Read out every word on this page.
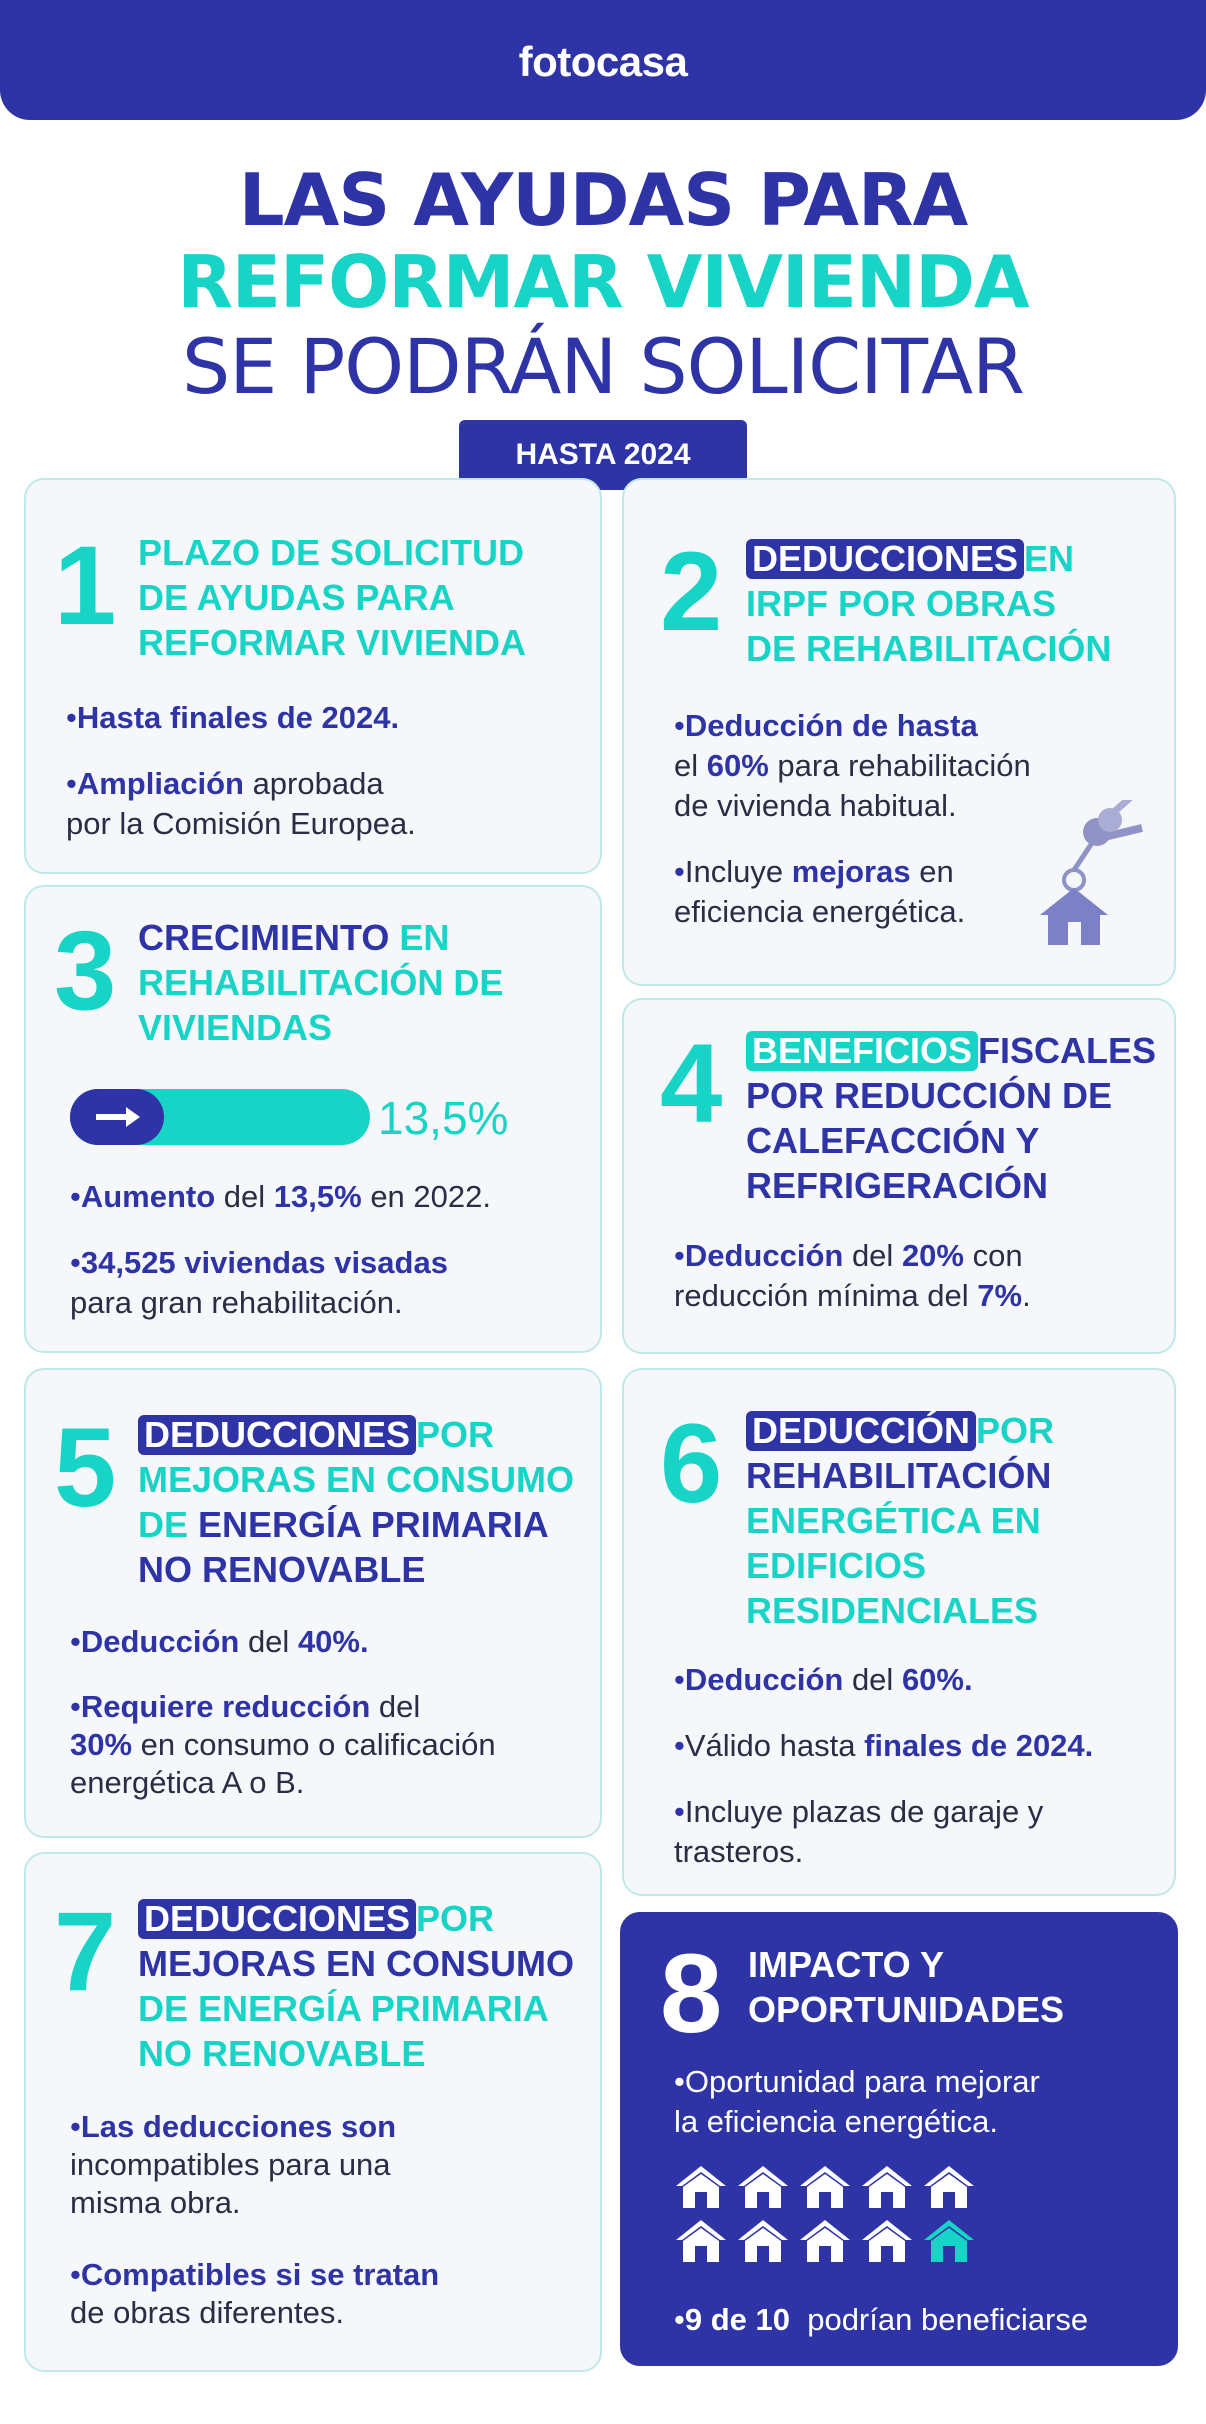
fotocasa
LAS AYUDAS PARA
REFORMAR VIVIENDA
SE PODRÁN SOLICITAR
HASTA 2024
1 PLAZO DE SOLICITUD
DE AYUDAS PARA
REFORMAR VIVIENDA

•Hasta finales de 2024.

•Ampliación aprobada
por la Comisión Europea.

2 DEDUCCIONES EN
IRPF POR OBRAS
DE REHABILITACIÓN

•Deducción de hasta
el 60% para rehabilitación
de vivienda habitual.

•Incluye mejoras en
eficiencia energética.

3 CRECIMIENTO EN
REHABILITACIÓN DE
VIVIENDAS
13,5%

•Aumento del 13,5% en 2022.

•34,525 viviendas visadas
para gran rehabilitación.

4 BENEFICIOS FISCALES
POR REDUCCIÓN DE
CALEFACCIÓN Y
REFRIGERACIÓN

•Deducción del 20% con
reducción mínima del 7%.

5 DEDUCCIONES POR
MEJORAS EN CONSUMO
DE ENERGÍA PRIMARIA
NO RENOVABLE

•Deducción del 40%.

•Requiere reducción del
30% en consumo o calificación
energética A o B.

6 DEDUCCIÓN POR
REHABILITACIÓN
ENERGÉTICA EN
EDIFICIOS
RESIDENCIALES

•Deducción del 60%.

•Válido hasta finales de 2024.

•Incluye plazas de garaje y
trasteros.

7 DEDUCCIONES POR
MEJORAS EN CONSUMO
DE ENERGÍA PRIMARIA
NO RENOVABLE

•Las deducciones son
incompatibles para una
misma obra.

•Compatibles si se tratan
de obras diferentes.

8 IMPACTO Y
OPORTUNIDADES

•Oportunidad para mejorar
la eficiencia energética.

•9 de 10  podrían beneficiarse
